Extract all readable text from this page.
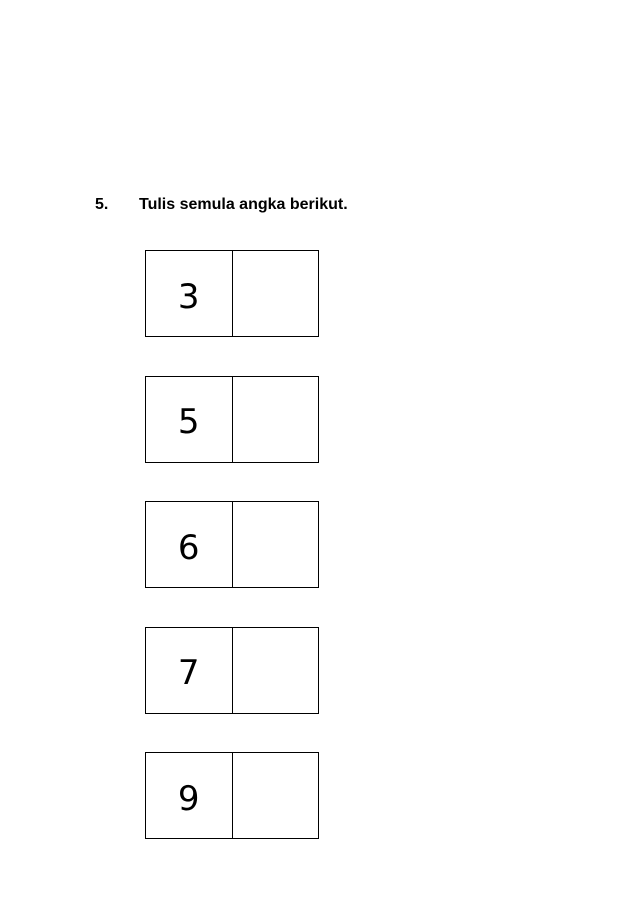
5. Tulis semula angka berikut.
3
5
6
7
9
